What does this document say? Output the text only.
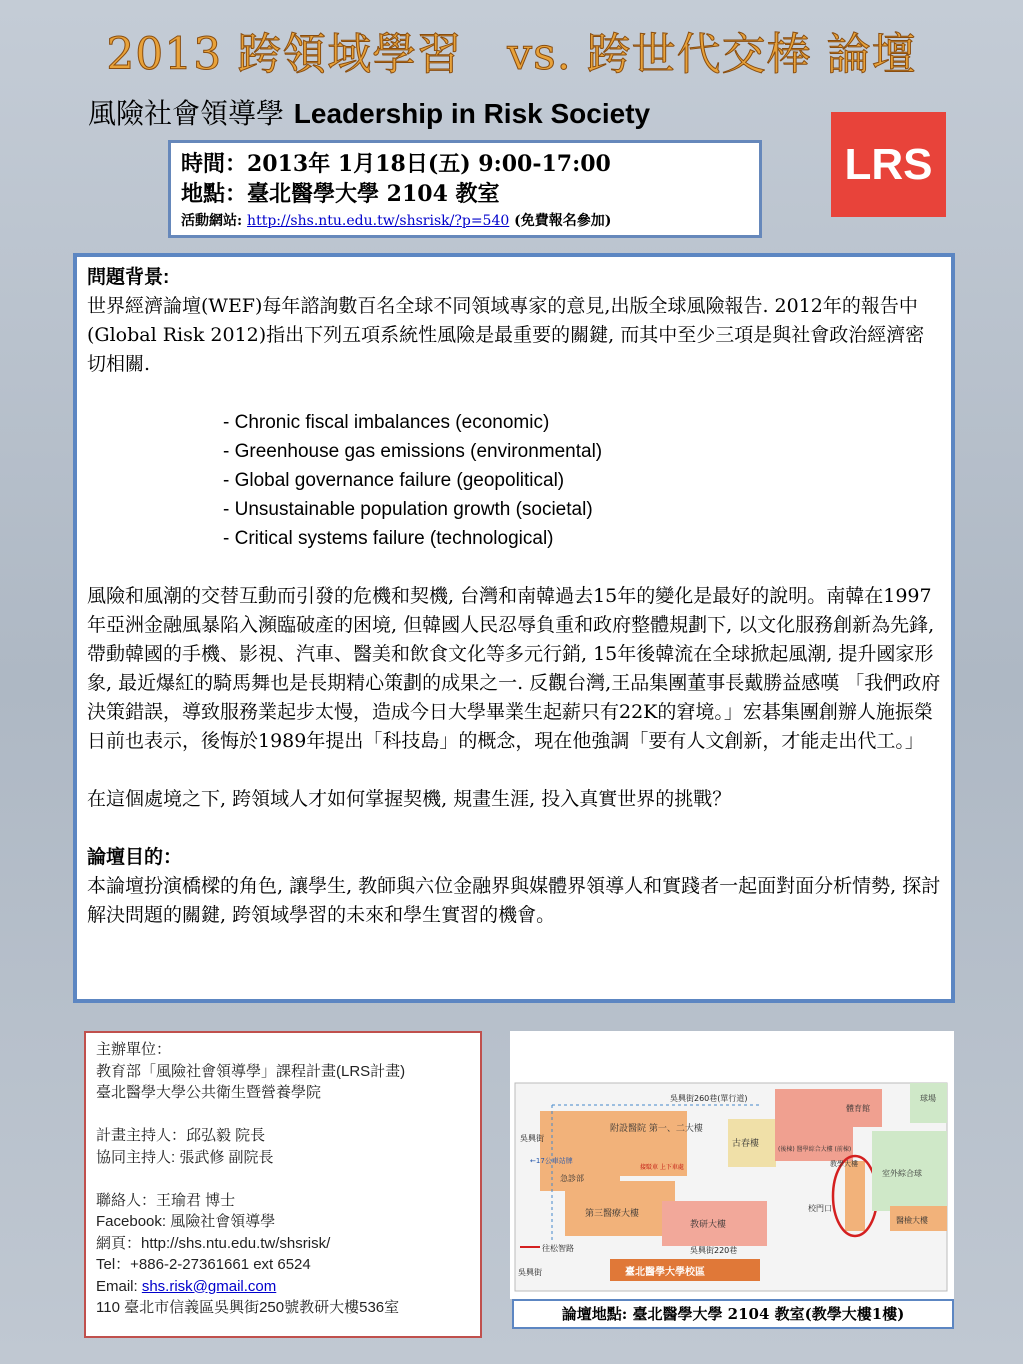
2013 跨領域學習　vs. 跨世代交棒 論壇
風險社會領導學 Leadership in Risk Society
LRS
時間：2013年 1月18日(五) 9:00-17:00
地點：臺北醫學大學 2104 教室
活動網站: http://shs.ntu.edu.tw/shsrisk/?p=540 (免費報名參加)
問題背景:

世界經濟論壇(WEF)每年諮詢數百名全球不同領域專家的意見,出版全球風險報告. 2012年的報告中(Global Risk 2012)指出下列五項系統性風險是最重要的關鍵, 而其中至少三項是與社會政治經濟密切相關.

- Chronic fiscal imbalances (economic)
- Greenhouse gas emissions (environmental)
- Global governance failure (geopolitical)
- Unsustainable population growth (societal)
- Critical systems failure (technological)

風險和風潮的交替互動而引發的危機和契機, 台灣和南韓過去15年的變化是最好的說明。南韓在1997年亞洲金融風暴陷入瀕臨破產的困境, 但韓國人民忍辱負重和政府整體規劃下, 以文化服務創新為先鋒, 帶動韓國的手機、影視、汽車、醫美和飲食文化等多元行銷, 15年後韓流在全球掀起風潮, 提升國家形象, 最近爆紅的騎馬舞也是長期精心策劃的成果之一. 反觀台灣,王品集團董事長戴勝益感嘆 「我們政府決策錯誤，導致服務業起步太慢，造成今日大學畢業生起薪只有22K的窘境。」宏碁集團創辦人施振榮日前也表示，後悔於1989年提出「科技島」的概念，現在他強調「要有人文創新，才能走出代工。」

在這個處境之下, 跨領域人才如何掌握契機, 規畫生涯, 投入真實世界的挑戰？

論壇目的：

本論壇扮演橋樑的角色, 讓學生, 教師與六位金融界與媒體界領導人和實踐者一起面對面分析情勢, 探討解決問題的關鍵, 跨領域學習的未來和學生實習的機會。

主辦單位：
教育部「風險社會領導學」課程計畫(LRS計畫)
臺北醫學大學公共衛生暨營養學院
計畫主持人：邱弘毅 院長
協同主持人: 張武修 副院長
聯絡人：王瑜君 博士
Facebook: 風險社會領導學
網頁：http://shs.ntu.edu.tw/shsrisk/
Tel：+886-2-27361661 ext 6524
Email: shs.risk@gmail.com
110 臺北市信義區吳興街250號教研大樓536室
吳興街260巷(單行道)
吳興街
吳興街220巷
吳興街
往松智路
←17公車站牌
附設醫院 第一、二大樓
急診部
第三醫療大樓
古春樓
教研大樓
(後棟) 醫學綜合大樓 (前棟)
體育館
教學大樓
室外綜合球
醫檢大樓
球場
校門口
接駁車 上下車處
臺北醫學大學校區
論壇地點: 臺北醫學大學 2104 教室(教學大樓1樓)
